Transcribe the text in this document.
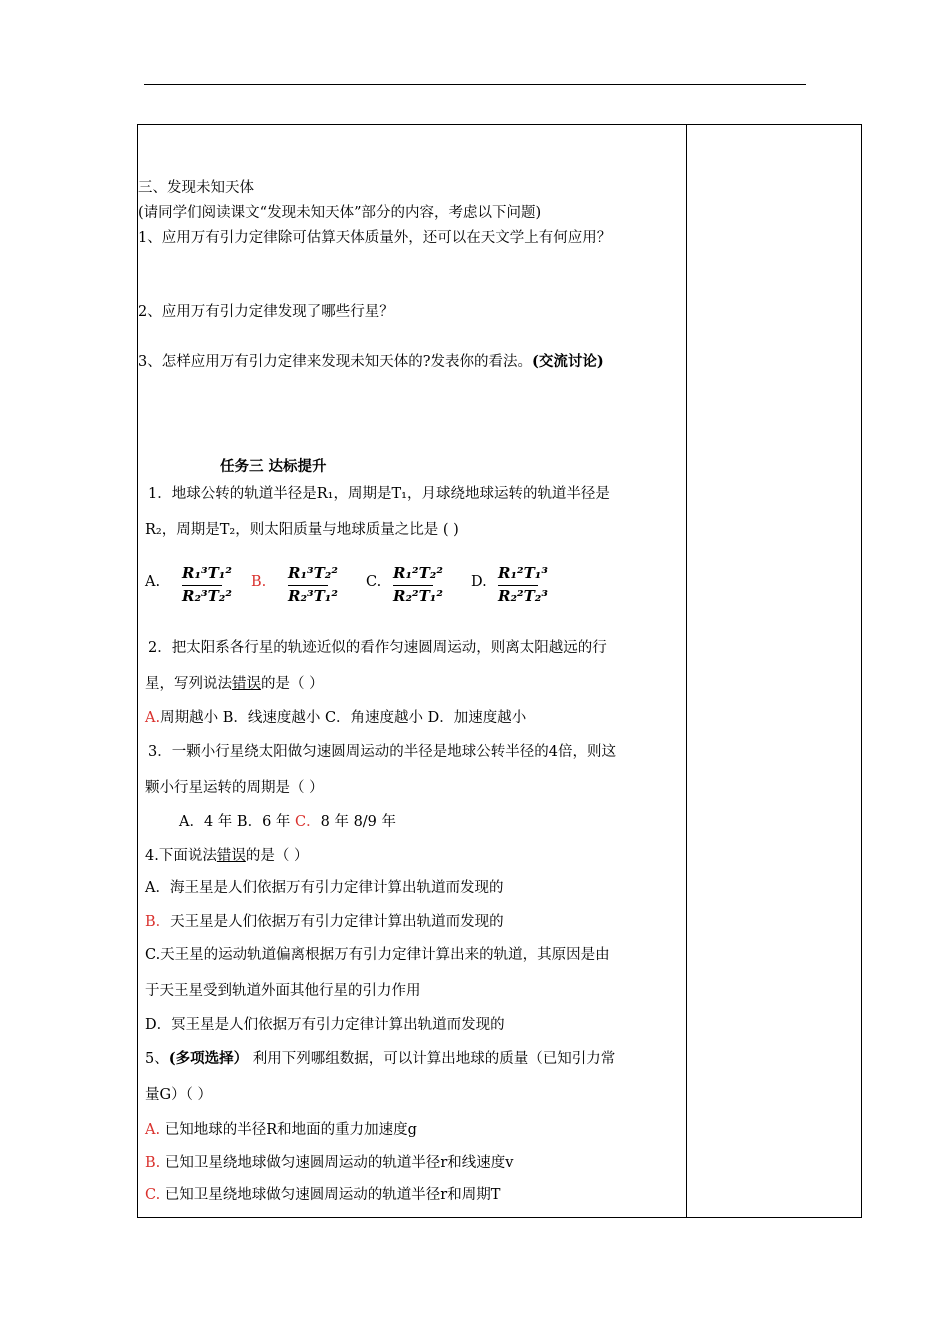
三、发现未知天体
(请同学们阅读课文“发现未知天体”部分的内容，考虑以下问题)
1、应用万有引力定律除可估算天体质量外，还可以在天文学上有何应用？
2、应用万有引力定律发现了哪些行星？
3、怎样应用万有引力定律来发现未知天体的?发表你的看法。(交流讨论)
任务三 达标提升
1．地球公转的轨道半径是R₁，周期是T₁，月球绕地球运转的轨道半径是
R₂，周期是T₂，则太阳质量与地球质量之比是 ( )
A. R₁³T₁²
R₂³T₂²
B. R₁³T₂²
R₂³T₁²
C. R₁²T₂²
R₂²T₁²
D. R₁²T₁³
R₂²T₂³
2．把太阳系各行星的轨迹近似的看作匀速圆周运动，则离太阳越远的行
星，写列说法错误的是（ ）
A.周期越小 B．线速度越小 C．角速度越小 D．加速度越小
3．一颗小行星绕太阳做匀速圆周运动的半径是地球公转半径的4倍，则这
颗小行星运转的周期是（ ）
A．4 年 B．6 年 C．8 年 8/9 年
4.下面说法错误的是（ ）
A．海王星是人们依据万有引力定律计算出轨道而发现的
B．天王星是人们依据万有引力定律计算出轨道而发现的
C.天王星的运动轨道偏离根据万有引力定律计算出来的轨道，其原因是由
于天王星受到轨道外面其他行星的引力作用
D．冥王星是人们依据万有引力定律计算出轨道而发现的
5、(多项选择） 利用下列哪组数据，可以计算出地球的质量（已知引力常
量G）（ ）
A. 已知地球的半径R和地面的重力加速度g
B. 已知卫星绕地球做匀速圆周运动的轨道半径r和线速度v
C. 已知卫星绕地球做匀速圆周运动的轨道半径r和周期T
